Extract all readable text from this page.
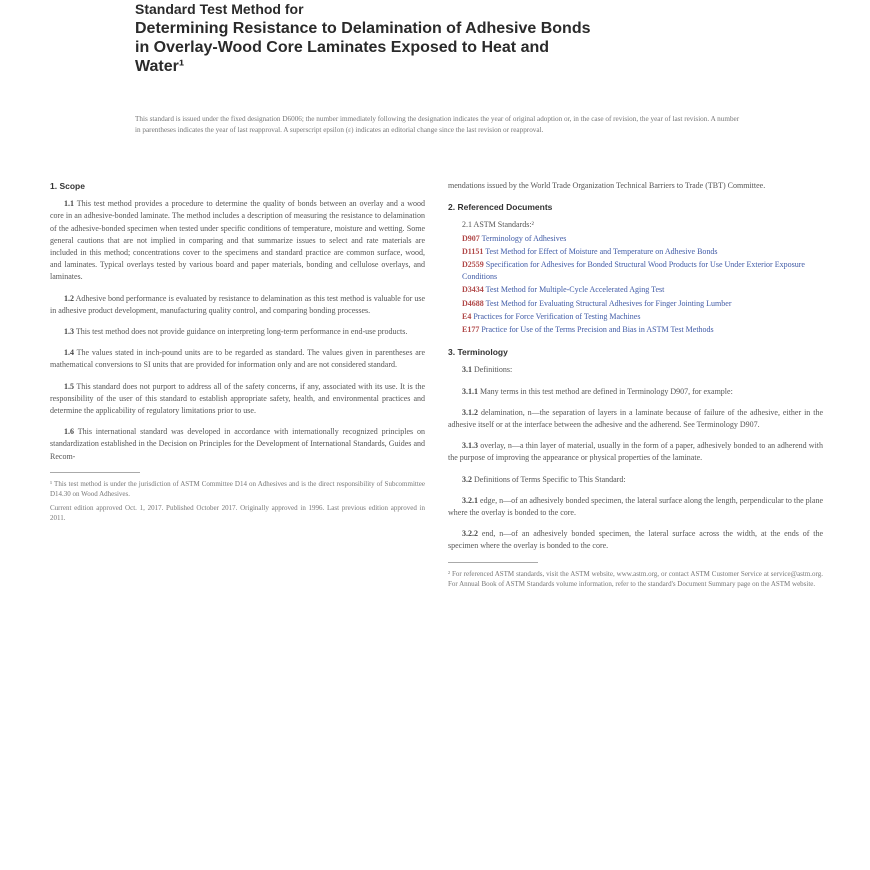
Standard Test Method for
Determining Resistance to Delamination of Adhesive Bonds
in Overlay-Wood Core Laminates Exposed to Heat and
Water¹
This standard is issued under the fixed designation D6006; the number immediately following the designation indicates the year of original adoption or, in the case of revision, the year of last revision. A number in parentheses indicates the year of last reapproval. A superscript epsilon (ε) indicates an editorial change since the last revision or reapproval.
1. Scope

1.1 This test method provides a procedure to determine the quality of bonds between an overlay and a wood core in an adhesive-bonded laminate. The method includes a description of measuring the resistance to delamination of the adhesive-bonded specimen when tested under specific conditions of temperature, moisture and wetting. Some general cautions that are not implied in comparing and that summarize issues to select and rate materials are included in this method; concentrations cover to the specimens and standard practice are common surface, wood, and laminates. Typical overlays tested by various board and paper materials, bonding and cellulose overlays, and laminates.

1.2 Adhesive bond performance is evaluated by resistance to delamination as this test method is valuable for use in adhesive product development, manufacturing quality control, and comparing bonding processes.

1.3 This test method does not provide guidance on interpreting long-term performance in end-use products.

1.4 The values stated in inch-pound units are to be regarded as standard. The values given in parentheses are mathematical conversions to SI units that are provided for information only and are not considered standard.

1.5 This standard does not purport to address all of the safety concerns, if any, associated with its use. It is the responsibility of the user of this standard to establish appropriate safety, health, and environmental practices and determine the applicability of regulatory limitations prior to use.

1.6 This international standard was developed in accordance with internationally recognized principles on standardization established in the Decision on Principles for the Development of International Standards, Guides and Recom-

¹ This test method is under the jurisdiction of ASTM Committee D14 on Adhesives and is the direct responsibility of Subcommittee D14.30 on Wood Adhesives.

Current edition approved Oct. 1, 2017. Published October 2017. Originally approved in 1996. Last previous edition approved in 2011.

mendations issued by the World Trade Organization Technical Barriers to Trade (TBT) Committee.

2. Referenced Documents
2.1 ASTM Standards:²
D907 Terminology of Adhesives
D1151 Test Method for Effect of Moisture and Temperature on Adhesive Bonds
D2559 Specification for Adhesives for Bonded Structural Wood Products for Use Under Exterior Exposure Conditions
D3434 Test Method for Multiple-Cycle Accelerated Aging Test
D4688 Test Method for Evaluating Structural Adhesives for Finger Jointing Lumber
E4 Practices for Force Verification of Testing Machines
E177 Practice for Use of the Terms Precision and Bias in ASTM Test Methods
3. Terminology

3.1 Definitions:

3.1.1 Many terms in this test method are defined in Terminology D907, for example:

3.1.2 delamination, n—the separation of layers in a laminate because of failure of the adhesive, either in the adhesive itself or at the interface between the adhesive and the adherend. See Terminology D907.

3.1.3 overlay, n—a thin layer of material, usually in the form of a paper, adhesively bonded to an adherend with the purpose of improving the appearance or physical properties of the laminate.

3.2 Definitions of Terms Specific to This Standard:

3.2.1 edge, n—of an adhesively bonded specimen, the lateral surface along the length, perpendicular to the plane where the overlay is bonded to the core.

3.2.2 end, n—of an adhesively bonded specimen, the lateral surface across the width, at the ends of the specimen where the overlay is bonded to the core.

² For referenced ASTM standards, visit the ASTM website, www.astm.org, or contact ASTM Customer Service at service@astm.org. For Annual Book of ASTM Standards volume information, refer to the standard's Document Summary page on the ASTM website.
